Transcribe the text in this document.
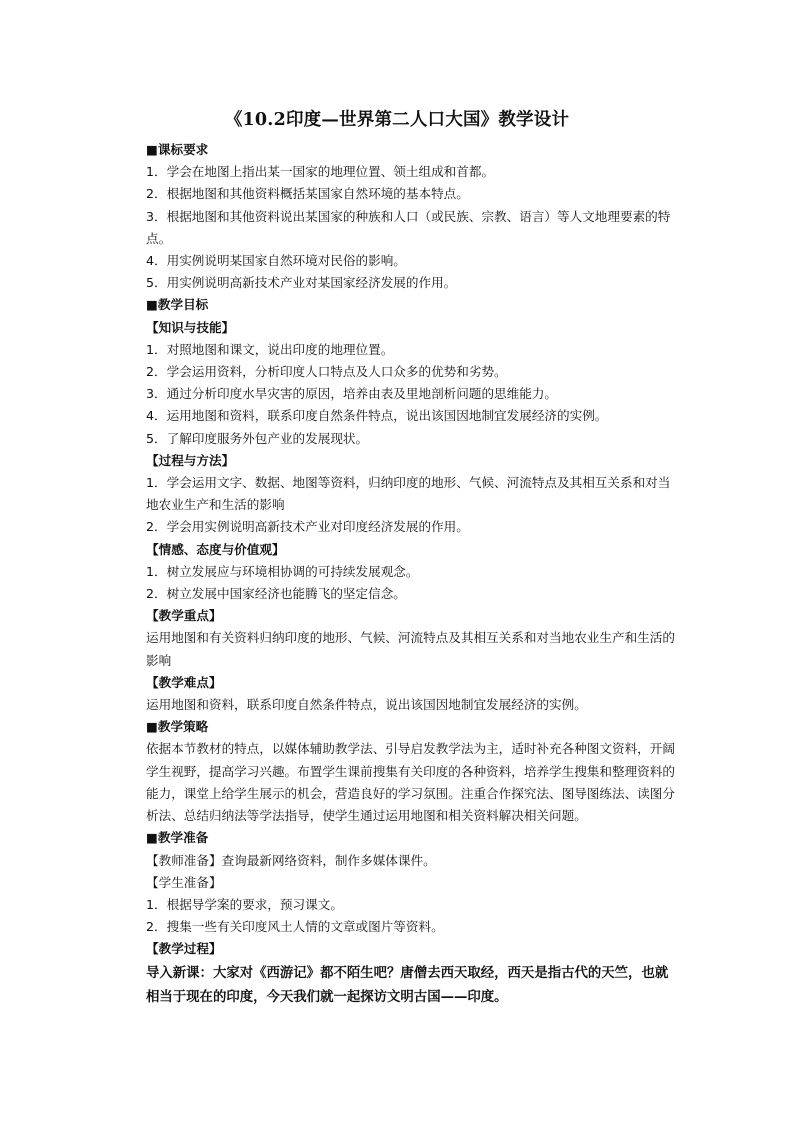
《10.2印度—世界第二人口大国》教学设计

■课标要求

1．学会在地图上指出某一国家的地理位置、领土组成和首都。

2．根据地图和其他资料概括某国家自然环境的基本特点。

3．根据地图和其他资料说出某国家的种族和人口（或民族、宗教、语言）等人文地理要素的特点。

4．用实例说明某国家自然环境对民俗的影响。

5．用实例说明高新技术产业对某国家经济发展的作用。

■教学目标

【知识与技能】

1．对照地图和课文，说出印度的地理位置。

2．学会运用资料，分析印度人口特点及人口众多的优势和劣势。

3．通过分析印度水旱灾害的原因，培养由表及里地剖析问题的思维能力。

4．运用地图和资料，联系印度自然条件特点，说出该国因地制宜发展经济的实例。

5．了解印度服务外包产业的发展现状。

【过程与方法】

1．学会运用文字、数据、地图等资料，归纳印度的地形、气候、河流特点及其相互关系和对当地农业生产和生活的影响

2．学会用实例说明高新技术产业对印度经济发展的作用。

【情感、态度与价值观】

1．树立发展应与环境相协调的可持续发展观念。

2．树立发展中国家经济也能腾飞的坚定信念。

【教学重点】

运用地图和有关资料归纳印度的地形、气候、河流特点及其相互关系和对当地农业生产和生活的影响

【教学难点】

运用地图和资料，联系印度自然条件特点，说出该国因地制宜发展经济的实例。

■教学策略

依据本节教材的特点，以媒体辅助教学法、引导启发教学法为主，适时补充各种图文资料，开阔学生视野，提高学习兴趣。布置学生课前搜集有关印度的各种资料，培养学生搜集和整理资料的能力，课堂上给学生展示的机会，营造良好的学习氛围。注重合作探究法、图导图练法、读图分析法、总结归纳法等学法指导，使学生通过运用地图和相关资料解决相关问题。

■教学准备

【教师准备】查询最新网络资料，制作多媒体课件。

【学生准备】

1．根据导学案的要求，预习课文。

2．搜集一些有关印度风土人情的文章或图片等资料。

【教学过程】

导入新课：大家对《西游记》都不陌生吧？唐僧去西天取经，西天是指古代的天竺，也就相当于现在的印度，今天我们就一起探访文明古国——印度。
